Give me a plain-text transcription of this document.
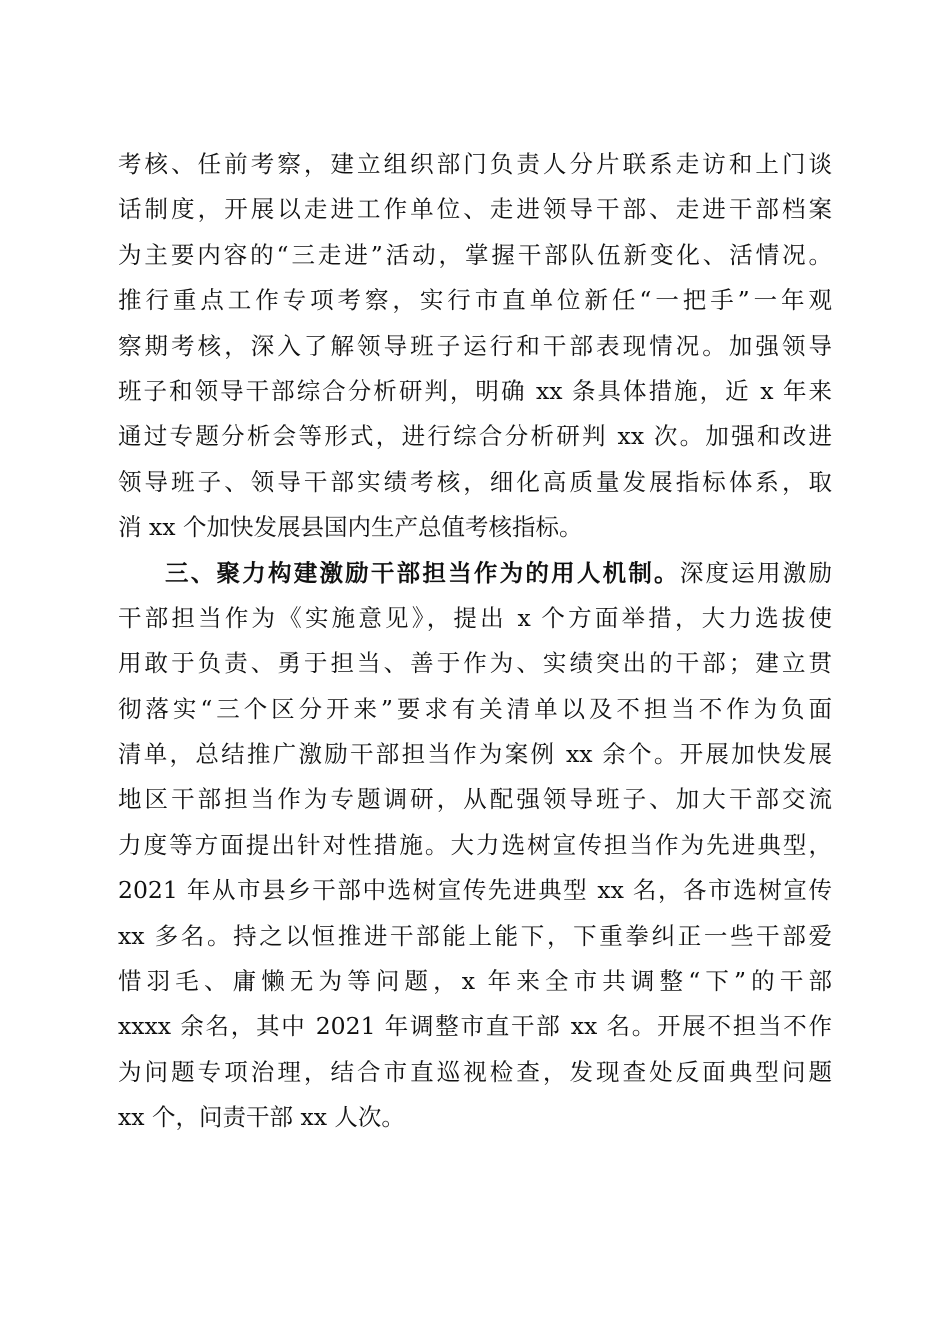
考核、任前考察，建立组织部门负责人分片联系走访和上门谈
话制度，开展以走进工作单位、走进领导干部、走进干部档案
为主要内容的“三走进”活动，掌握干部队伍新变化、活情况。
推行重点工作专项考察，实行市直单位新任“一把手”一年观
察期考核，深入了解领导班子运行和干部表现情况。加强领导
班子和领导干部综合分析研判，明确 xx 条具体措施，近 x 年来
通过专题分析会等形式，进行综合分析研判 xx 次。加强和改进
领导班子、领导干部实绩考核，细化高质量发展指标体系，取
消 xx 个加快发展县国内生产总值考核指标。
三、聚力构建激励干部担当作为的用人机制。深度运用激励
干部担当作为《实施意见》，提出 x 个方面举措，大力选拔使
用敢于负责、勇于担当、善于作为、实绩突出的干部；建立贯
彻落实“三个区分开来”要求有关清单以及不担当不作为负面
清单，总结推广激励干部担当作为案例 xx 余个。开展加快发展
地区干部担当作为专题调研，从配强领导班子、加大干部交流
力度等方面提出针对性措施。大力选树宣传担当作为先进典型，
2021 年从市县乡干部中选树宣传先进典型 xx 名，各市选树宣传
xx 多名。持之以恒推进干部能上能下，下重拳纠正一些干部爱
惜羽毛、庸懒无为等问题，x 年来全市共调整“下”的干部
xxxx 余名，其中 2021 年调整市直干部 xx 名。开展不担当不作
为问题专项治理，结合市直巡视检查，发现查处反面典型问题
xx 个，问责干部 xx 人次。
